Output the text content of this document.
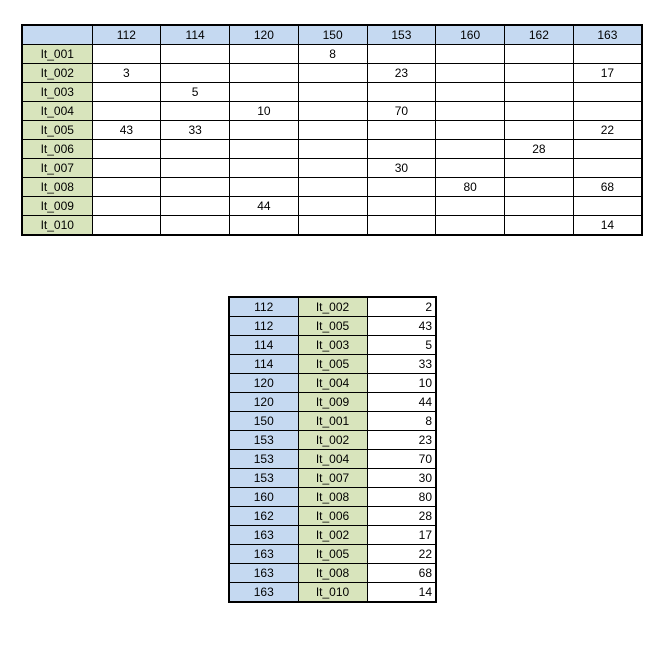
	112	114	120	150	153	160	162	163
It_001				8				
It_002	3				23			17
It_003		5						
It_004			10		70			
It_005	43	33						22
It_006							28	
It_007					30			
It_008						80		68
It_009			44					
It_010								14
112	It_002	2
112	It_005	43
114	It_003	5
114	It_005	33
120	It_004	10
120	It_009	44
150	It_001	8
153	It_002	23
153	It_004	70
153	It_007	30
160	It_008	80
162	It_006	28
163	It_002	17
163	It_005	22
163	It_008	68
163	It_010	14
